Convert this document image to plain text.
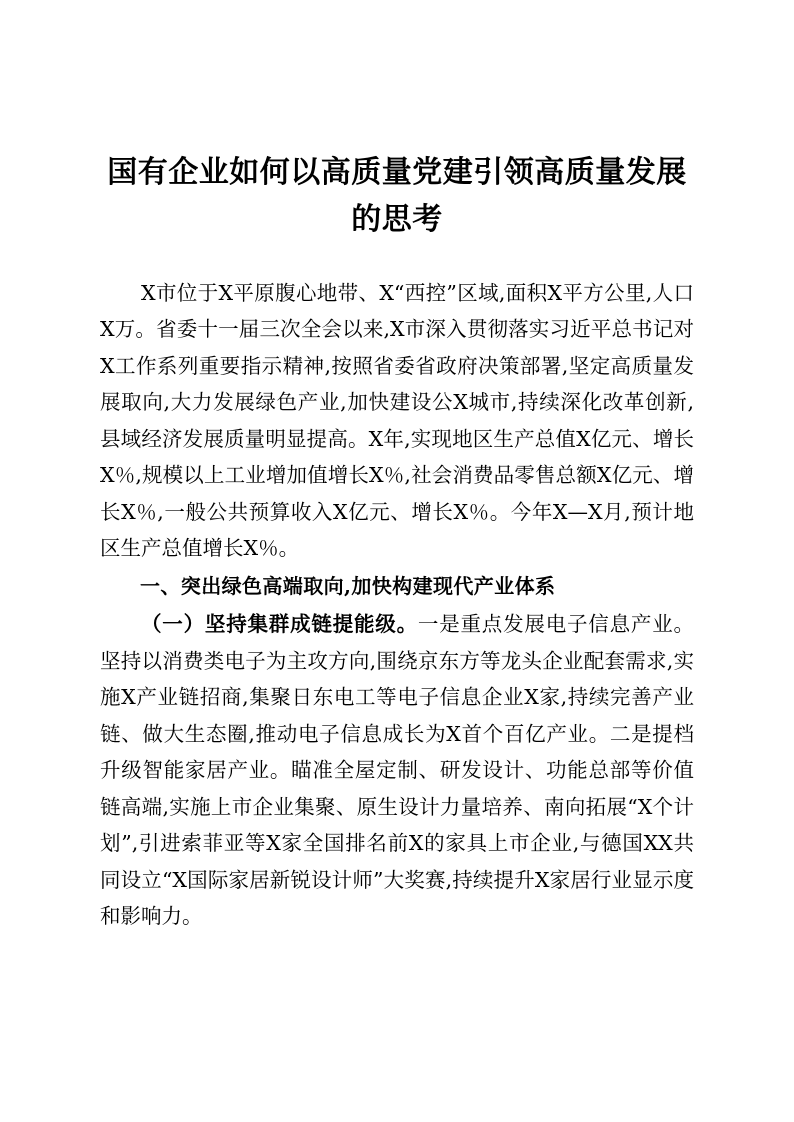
国有企业如何以高质量党建引领高质量发展的思考

X市位于X平原腹心地带、X“西控”区域,面积X平方公里,人口X万。省委十一届三次全会以来,X市深入贯彻落实习近平总书记对X工作系列重要指示精神,按照省委省政府决策部署,坚定高质量发展取向,大力发展绿色产业,加快建设公X城市,持续深化改革创新,县域经济发展质量明显提高。X年,实现地区生产总值X亿元、增长X％,规模以上工业增加值增长X％,社会消费品零售总额X亿元、增长X％,一般公共预算收入X亿元、增长X％。今年X—X月,预计地区生产总值增长X％。

一、突出绿色高端取向,加快构建现代产业体系

（一）坚持集群成链提能级。一是重点发展电子信息产业。坚持以消费类电子为主攻方向,围绕京东方等龙头企业配套需求,实施X产业链招商,集聚日东电工等电子信息企业X家,持续完善产业链、做大生态圈,推动电子信息成长为X首个百亿产业。二是提档升级智能家居产业。瞄准全屋定制、研发设计、功能总部等价值链高端,实施上市企业集聚、原生设计力量培养、南向拓展“X个计划”,引进索菲亚等X家全国排名前X的家具上市企业,与德国XX共同设立“X国际家居新锐设计师”大奖赛,持续提升X家居行业显示度和影响力。
